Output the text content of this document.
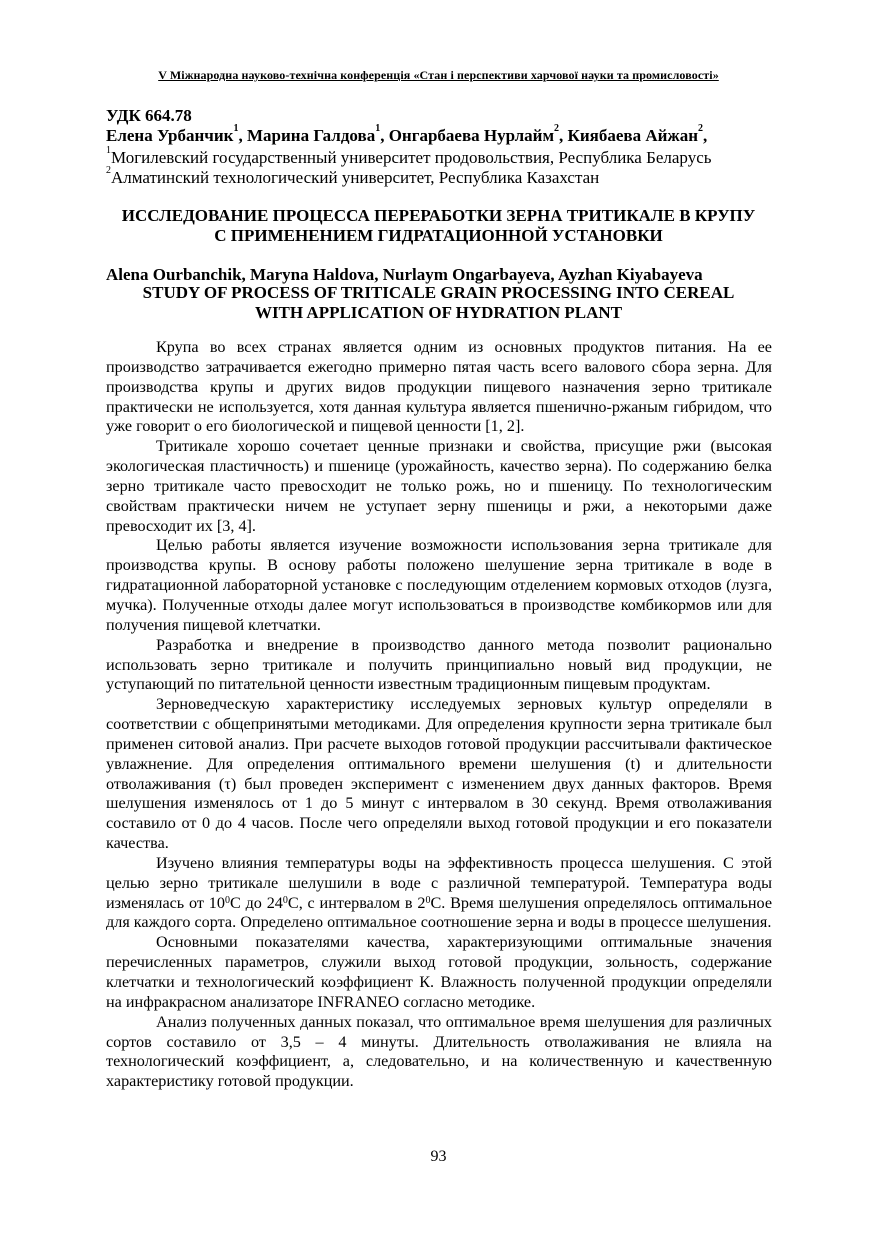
V Міжнародна науково-технічна конференція «Стан і перспективи харчової науки та промисловості»
УДК 664.78
Елена Урбанчик$^1$, Марина Галдова$^1$, Онгарбаева Нурлайм$^2$, Киябаева Айжан$^2$,
$^1$Могилевский государственный университет продовольствия, Республика Беларусь
$^2$Алматинский технологический университет, Республика Казахстан
ИССЛЕДОВАНИЕ ПРОЦЕССА ПЕРЕРАБОТКИ ЗЕРНА ТРИТИКАЛЕ В КРУПУ
С ПРИМЕНЕНИЕМ ГИДРАТАЦИОННОЙ УСТАНОВКИ
Alena Ourbanchik, Maryna Haldova, Nurlaym Ongarbayeva, Ayzhan Kiyabayeva
STUDY OF PROCESS OF TRITICALE GRAIN PROCESSING INTO CEREAL
WITH APPLICATION OF HYDRATION PLANT

Крупа во всех странах является одним из основных продуктов питания. На ее производство затрачивается ежегодно примерно пятая часть всего валового сбора зерна. Для производства крупы и других видов продукции пищевого назначения зерно тритикале практически не используется, хотя данная культура является пшенично-ржаным гибридом, что уже говорит о его биологической и пищевой ценности [1, 2].

Тритикале хорошо сочетает ценные признаки и свойства, присущие ржи (высокая экологическая пластичность) и пшенице (урожайность, качество зерна). По содержанию белка зерно тритикале часто превосходит не только рожь, но и пшеницу. По технологическим свойствам практически ничем не уступает зерну пшеницы и ржи, а некоторыми даже превосходит их [3, 4].

Целью работы является изучение возможности использования зерна тритикале для производства крупы. В основу работы положено шелушение зерна тритикале в воде в гидратационной лабораторной установке с последующим отделением кормовых отходов (лузга, мучка). Полученные отходы далее могут использоваться в производстве комбикормов или для получения пищевой клетчатки.

Разработка и внедрение в производство данного метода позволит рационально использовать зерно тритикале и получить принципиально новый вид продукции, не уступающий по питательной ценности известным традиционным пищевым продуктам.

Зерноведческую характеристику исследуемых зерновых культур определяли в соответствии с общепринятыми методиками. Для определения крупности зерна тритикале был применен ситовой анализ. При расчете выходов готовой продукции рассчитывали фактическое увлажнение. Для определения оптимального времени шелушения (t) и длительности отволаживания (τ) был проведен эксперимент с изменением двух данных факторов. Время шелушения изменялось от 1 до 5 минут с интервалом в 30 секунд. Время отволаживания составило от 0 до 4 часов. После чего определяли выход готовой продукции и его показатели качества.

Изучено влияния температуры воды на эффективность процесса шелушения. С этой целью зерно тритикале шелушили в воде с различной температурой. Температура воды изменялась от $10^0С$ до $24^0С$, с интервалом в $2^0С$. Время шелушения определялось оптимальное для каждого сорта. Определено оптимальное соотношение зерна и воды в процессе шелушения.

Основными показателями качества, характеризующими оптимальные значения перечисленных параметров, служили выход готовой продукции, зольность, содержание клетчатки и технологический коэффициент К. Влажность полученной продукции определяли на инфракрасном анализаторе INFRANEO согласно методике.

Анализ полученных данных показал, что оптимальное время шелушения для различных сортов составило от 3,5 – 4 минуты. Длительность отволаживания не влияла на технологический коэффициент, а, следовательно, и на количественную и качественную характеристику готовой продукции.

93
